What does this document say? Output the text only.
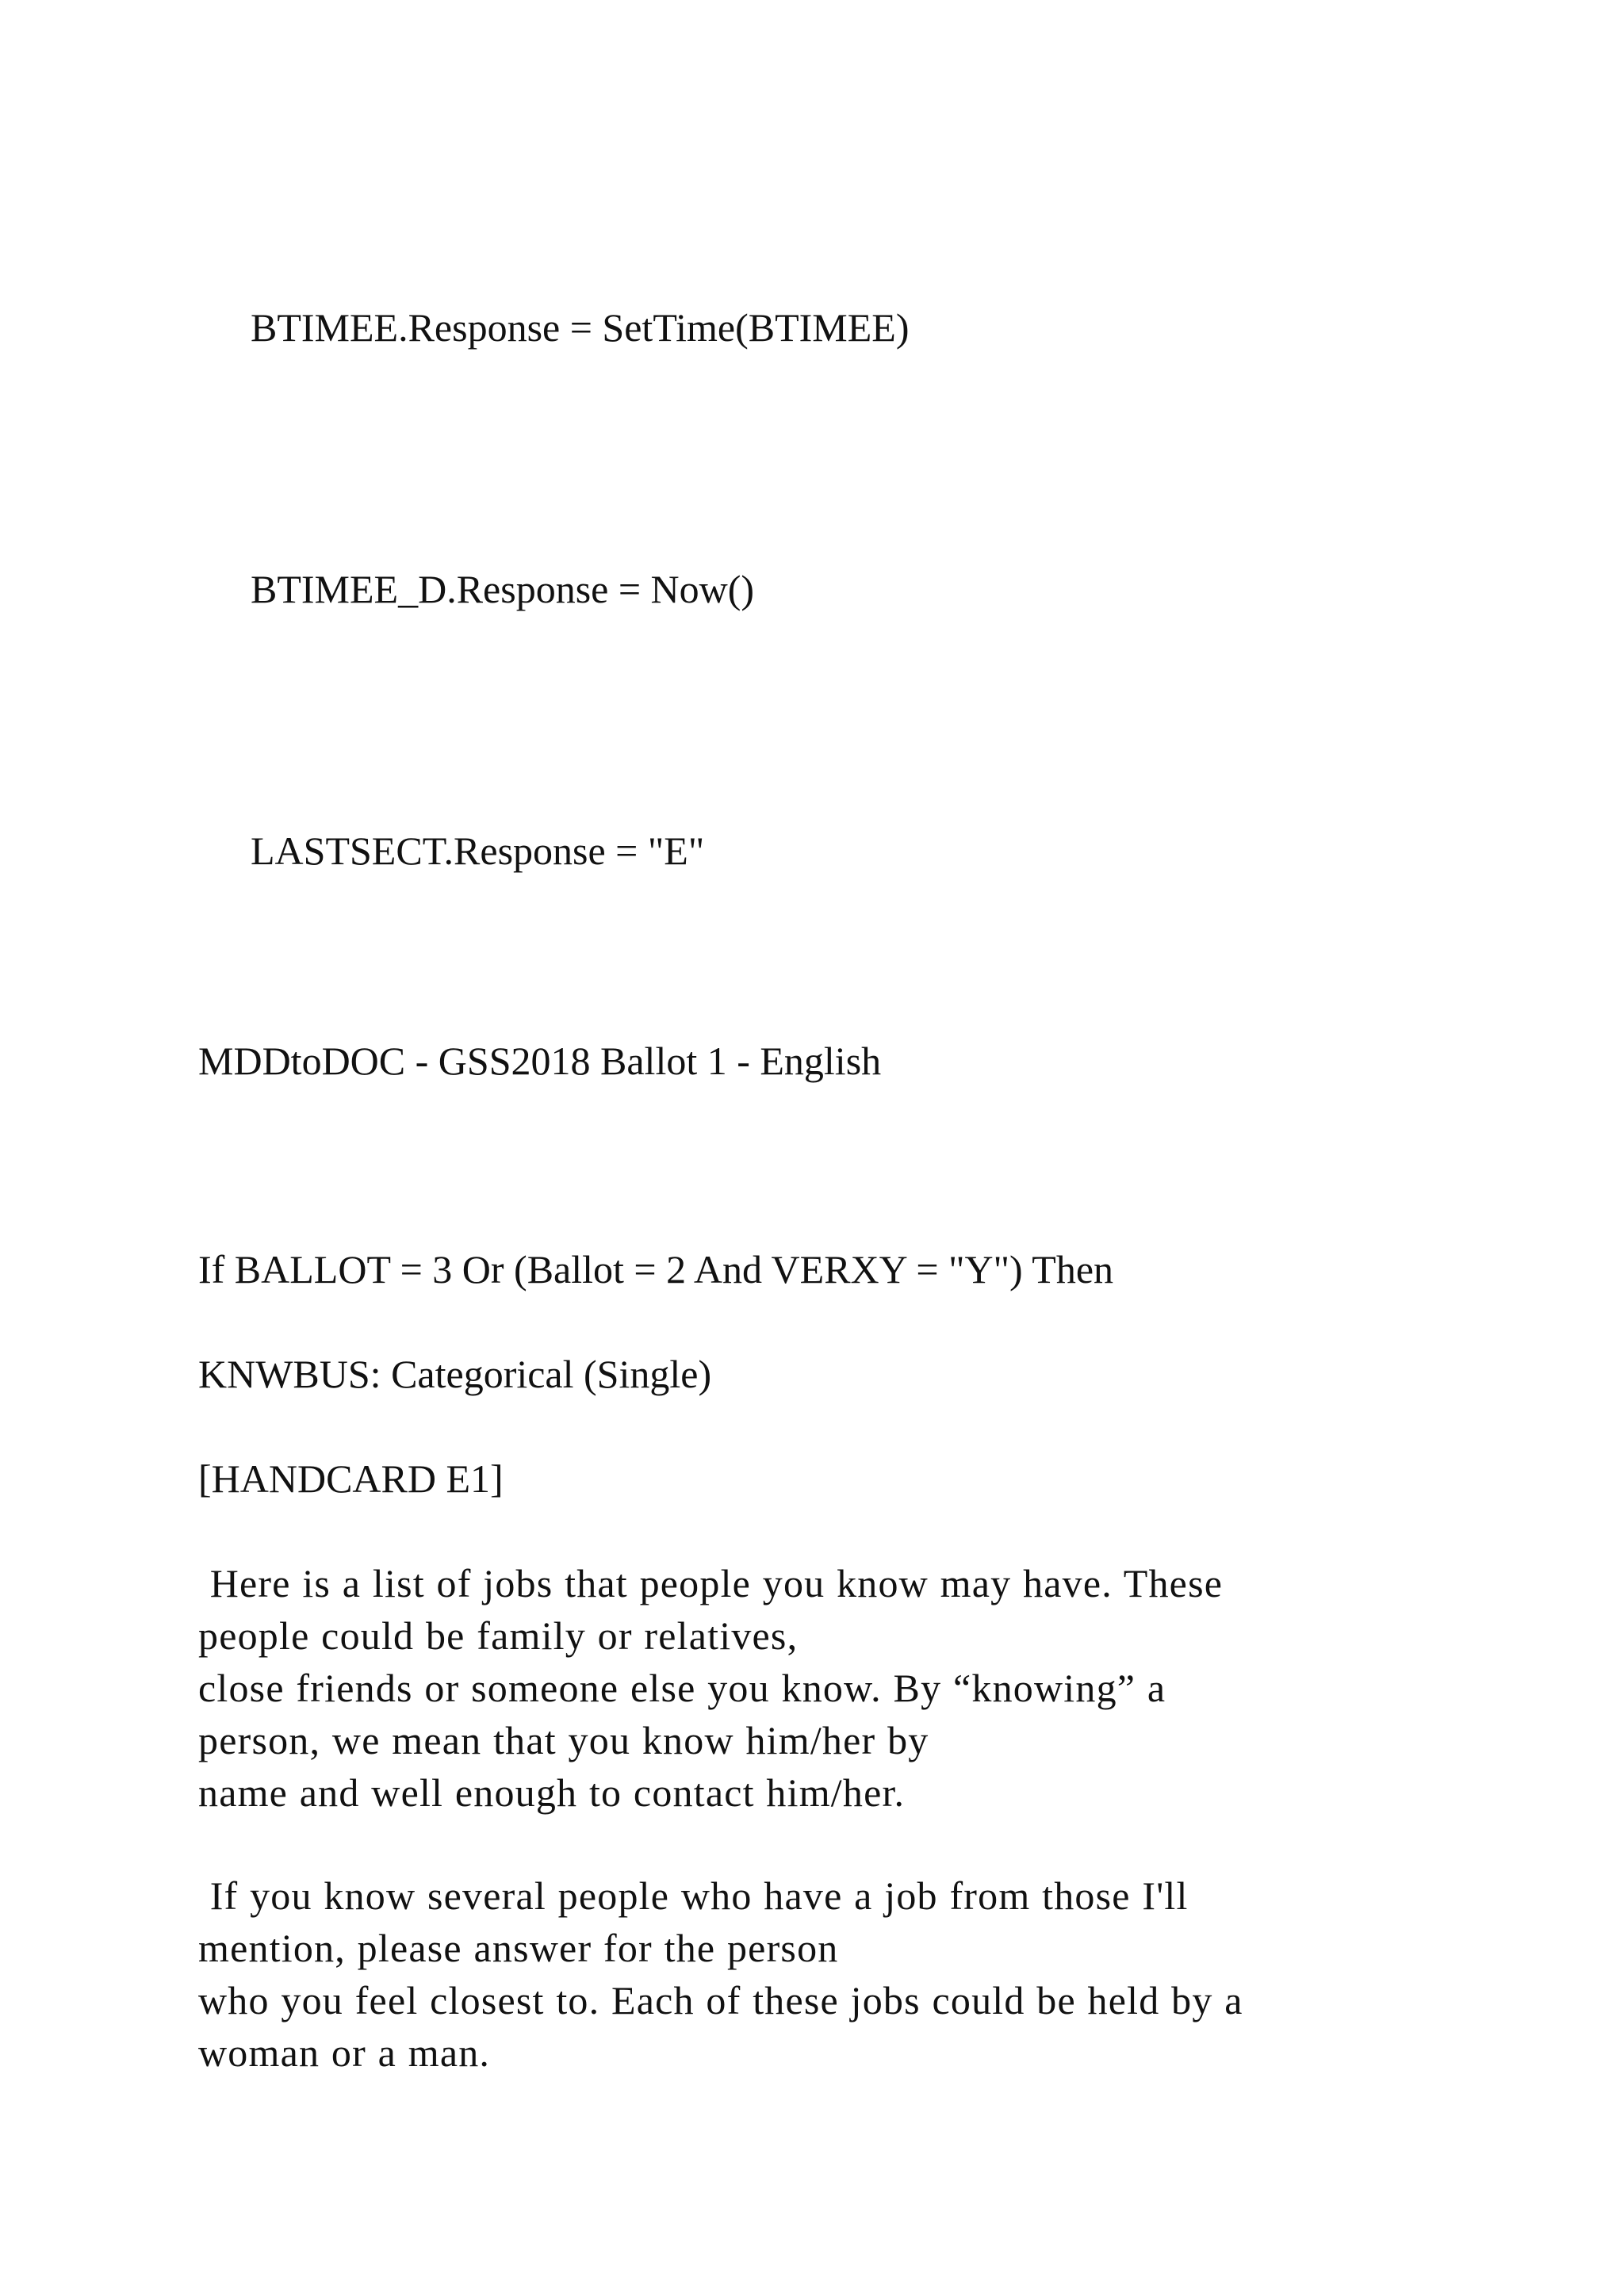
BTIMEE.Response = SetTime(BTIMEE)

BTIMEE_D.Response = Now()

LASTSECT.Response = "E"

MDDtoDOC - GSS2018 Ballot 1 - English

If BALLOT = 3 Or (Ballot = 2 And VERXY = "Y") Then

KNWBUS: Categorical (Single)

[HANDCARD E1]

Here is a list of jobs that people you know may have. These
people could be family or relatives,
close friends or someone else you know. By “knowing” a
person, we mean that you know him/her by
name and well enough to contact him/her.
If you know several people who have a job from those I'll
mention, please answer for the person
who you feel closest to. Each of these jobs could be held by a
woman or a man.
